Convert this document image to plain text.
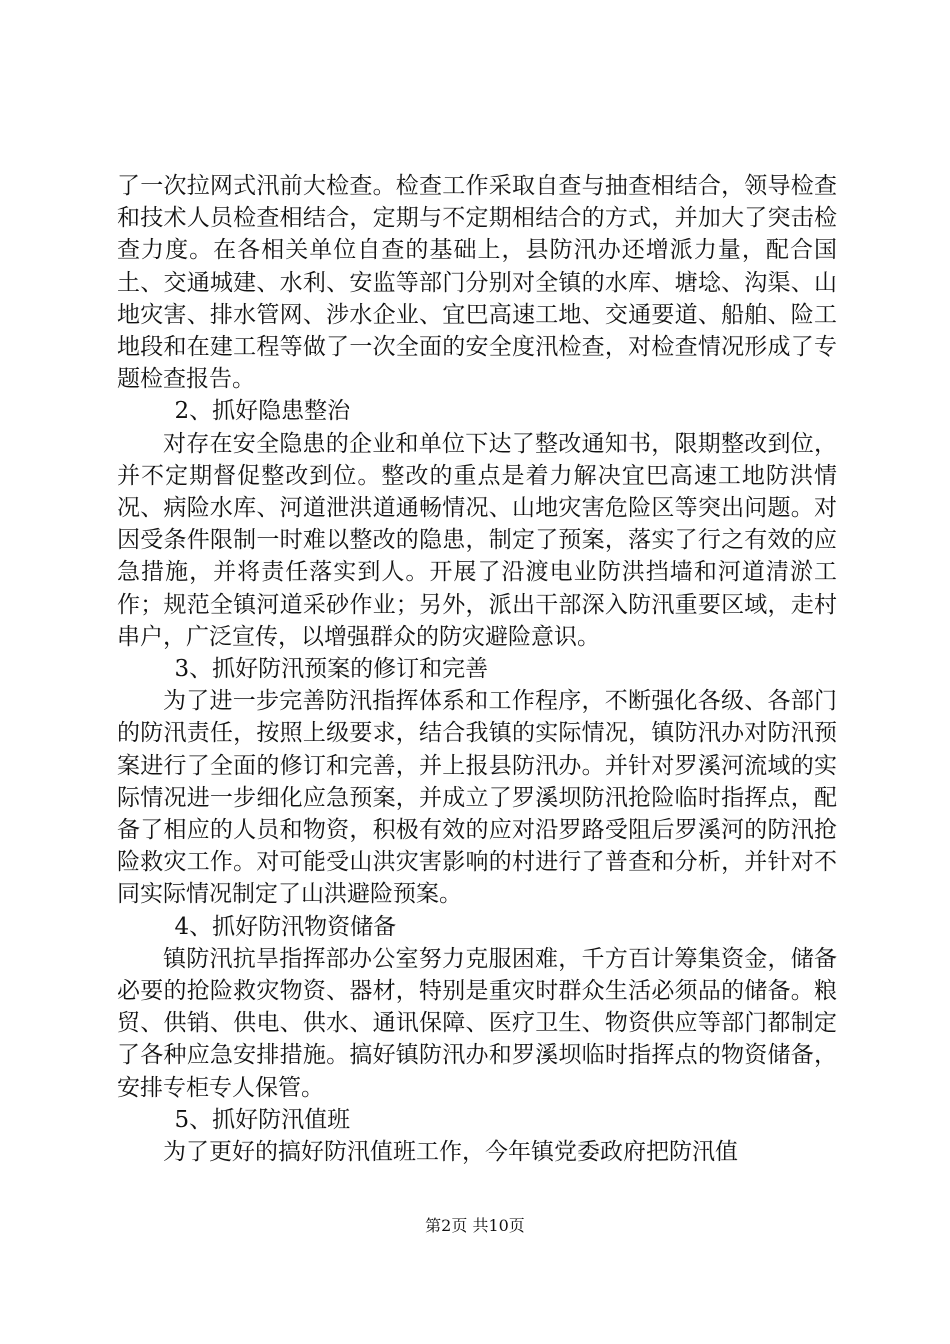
了一次拉网式汛前大检查。检查工作采取自查与抽查相结合，领导检查和技术人员检查相结合，定期与不定期相结合的方式，并加大了突击检查力度。在各相关单位自查的基础上，县防汛办还增派力量，配合国土、交通城建、水利、安监等部门分别对全镇的水库、塘埝、沟渠、山地灾害、排水管网、涉水企业、宜巴高速工地、交通要道、船舶、险工地段和在建工程等做了一次全面的安全度汛检查，对检查情况形成了专题检查报告。

2、抓好隐患整治

对存在安全隐患的企业和单位下达了整改通知书，限期整改到位，并不定期督促整改到位。整改的重点是着力解决宜巴高速工地防洪情况、病险水库、河道泄洪道通畅情况、山地灾害危险区等突出问题。对因受条件限制一时难以整改的隐患，制定了预案，落实了行之有效的应急措施，并将责任落实到人。开展了沿渡电业防洪挡墙和河道清淤工作；规范全镇河道采砂作业；另外，派出干部深入防汛重要区域，走村串户，广泛宣传，以增强群众的防灾避险意识。

3、抓好防汛预案的修订和完善

为了进一步完善防汛指挥体系和工作程序，不断强化各级、各部门的防汛责任，按照上级要求，结合我镇的实际情况，镇防汛办对防汛预案进行了全面的修订和完善，并上报县防汛办。并针对罗溪河流域的实际情况进一步细化应急预案，并成立了罗溪坝防汛抢险临时指挥点，配备了相应的人员和物资，积极有效的应对沿罗路受阻后罗溪河的防汛抢险救灾工作。对可能受山洪灾害影响的村进行了普查和分析，并针对不同实际情况制定了山洪避险预案。

4、抓好防汛物资储备

镇防汛抗旱指挥部办公室努力克服困难，千方百计筹集资金，储备必要的抢险救灾物资、器材，特别是重灾时群众生活必须品的储备。粮贸、供销、供电、供水、通讯保障、医疗卫生、物资供应等部门都制定了各种应急安排措施。搞好镇防汛办和罗溪坝临时指挥点的物资储备，安排专柜专人保管。

5、抓好防汛值班

为了更好的搞好防汛值班工作，今年镇党委政府把防汛值

第2页 共10页
